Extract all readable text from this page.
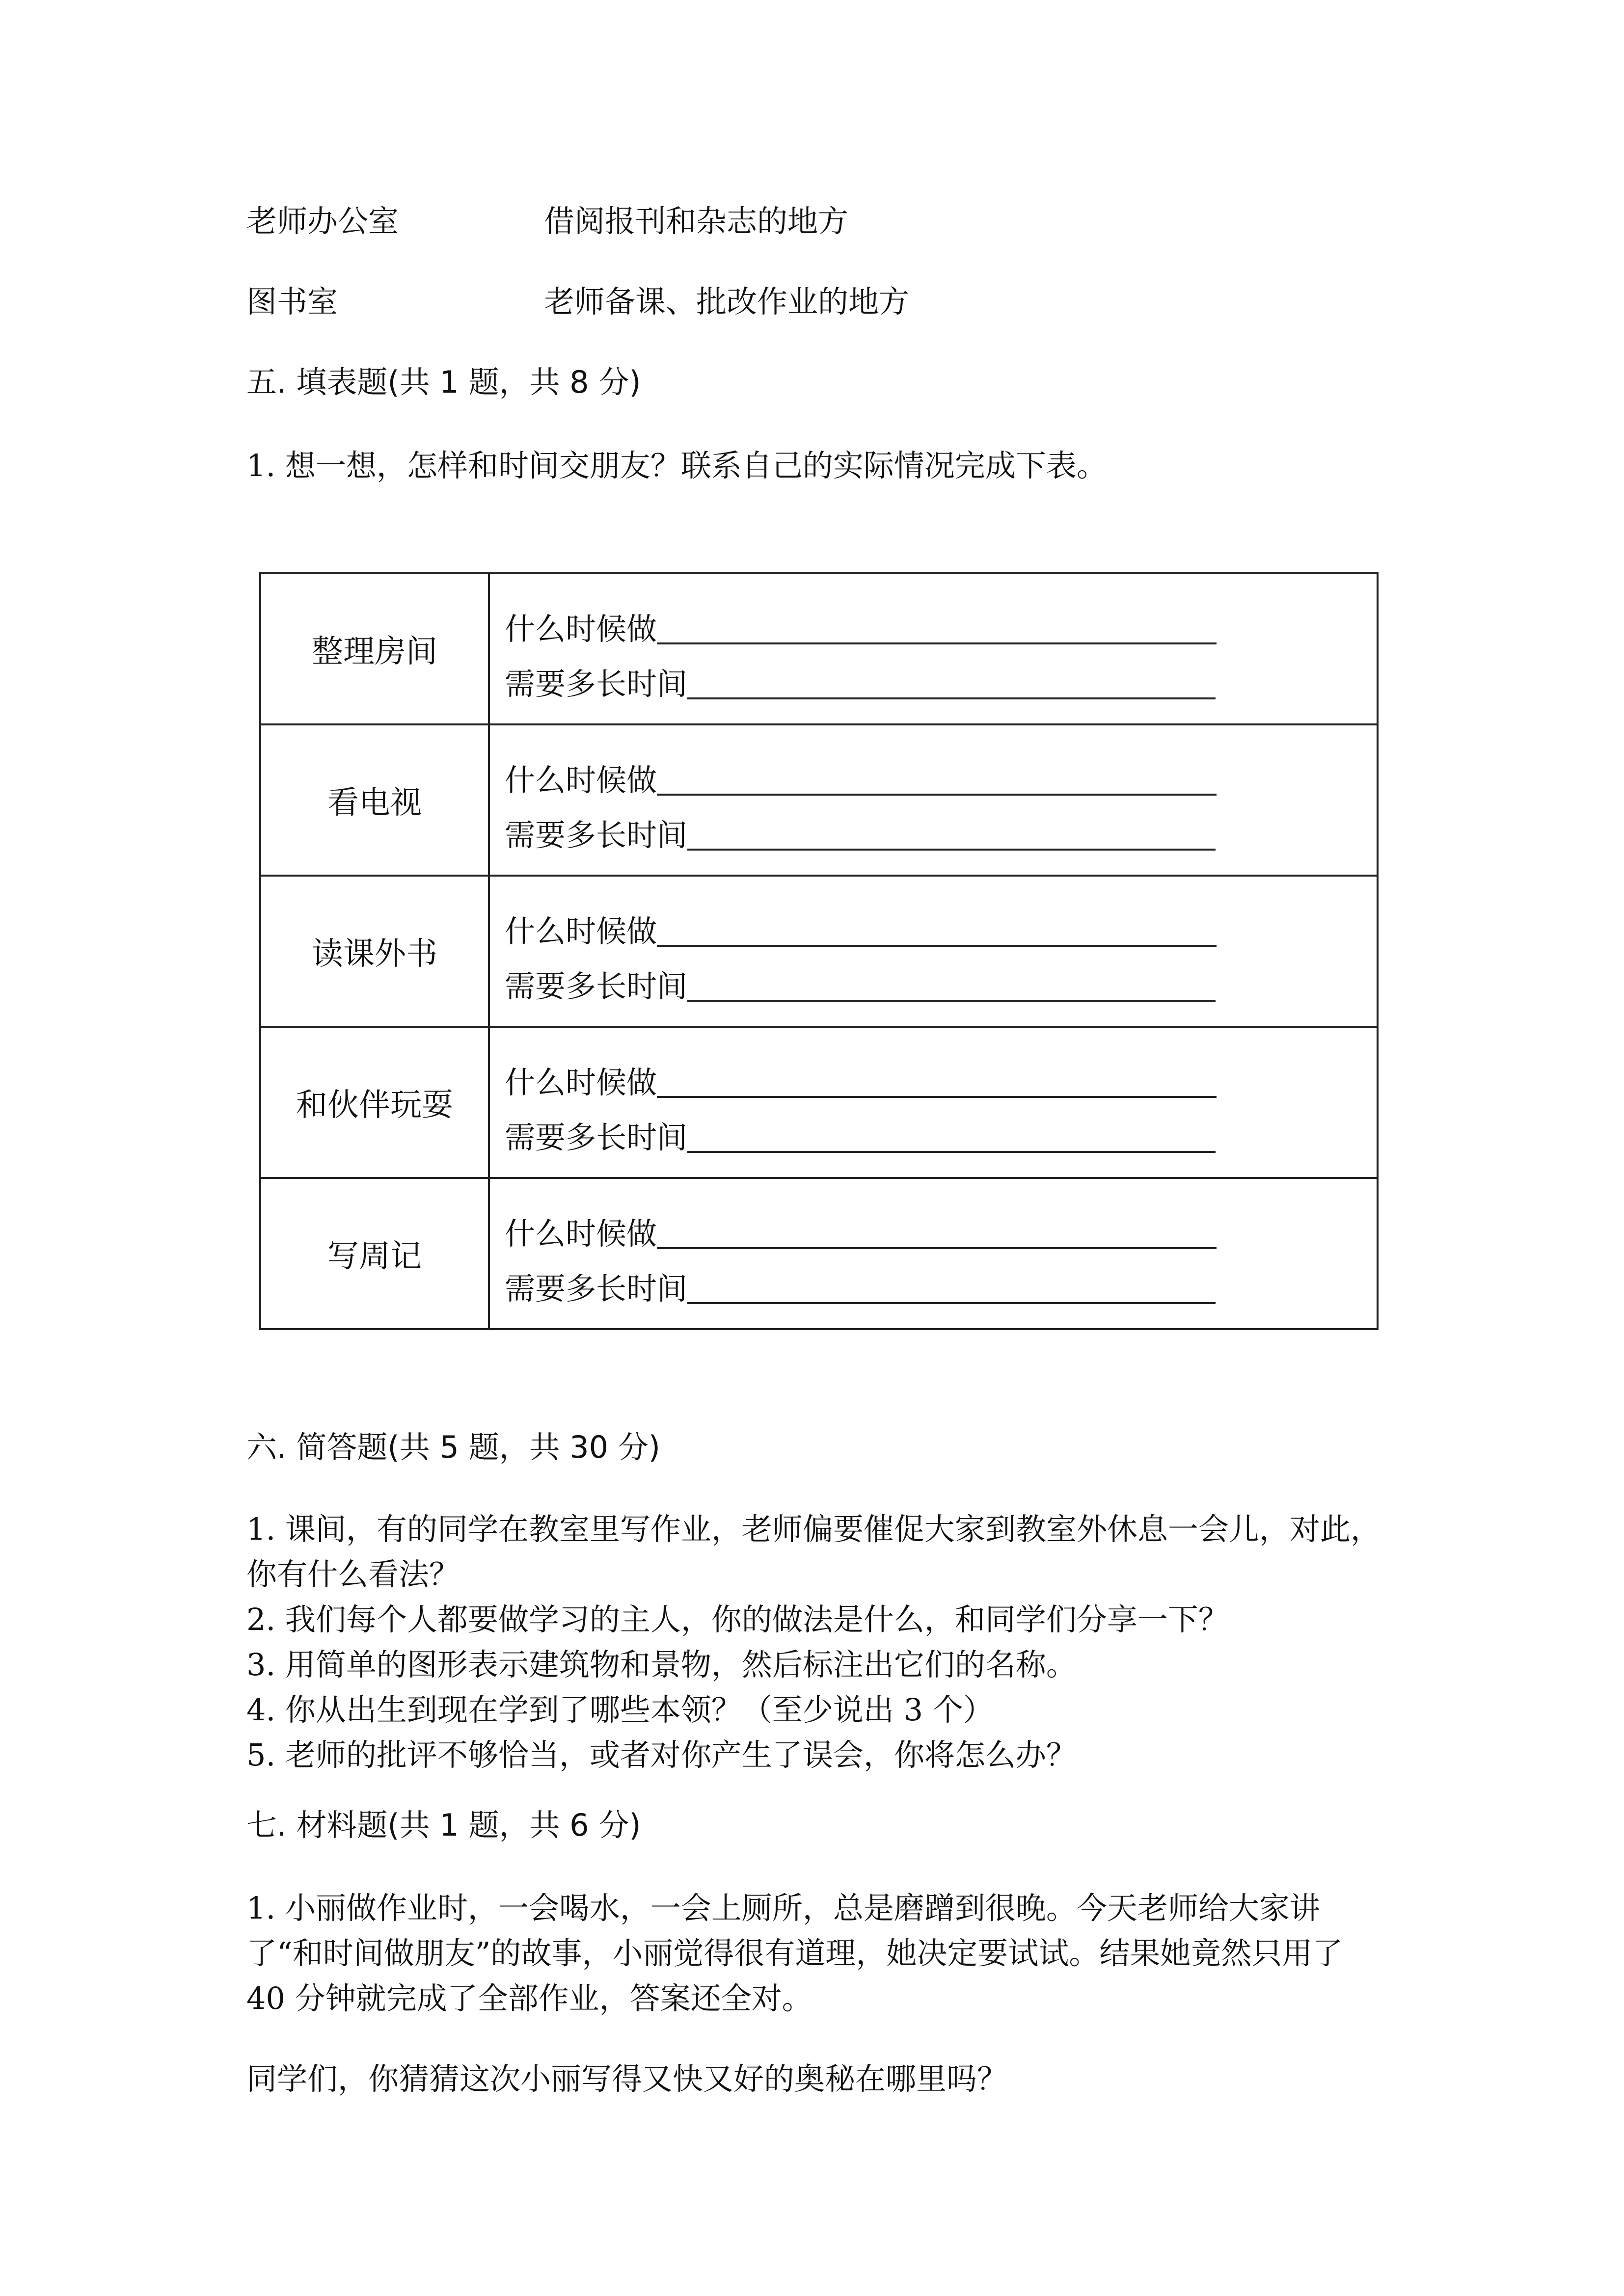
老师办公室	借阅报刊和杂志的地方
图书室	老师备课、批改作业的地方
五. 填表题(共 1 题，共 8 分)
1. 想一想，怎样和时间交朋友？联系自己的实际情况完成下表。
整理房间	什么时候做
需要多长时间

看电视	什么时候做
需要多长时间

读课外书	什么时候做
需要多长时间

和伙伴玩耍	什么时候做
需要多长时间

写周记	什么时候做
需要多长时间
六. 简答题(共 5 题，共 30 分)
1. 课间，有的同学在教室里写作业，老师偏要催促大家到教室外休息一会儿，对此，你有什么看法？
2. 我们每个人都要做学习的主人，你的做法是什么，和同学们分享一下？
3. 用简单的图形表示建筑物和景物，然后标注出它们的名称。
4. 你从出生到现在学到了哪些本领？（至少说出 3 个）
5. 老师的批评不够恰当，或者对你产生了误会，你将怎么办？
七. 材料题(共 1 题，共 6 分)
1. 小丽做作业时，一会喝水，一会上厕所，总是磨蹭到很晚。今天老师给大家讲了“和时间做朋友”的故事，小丽觉得很有道理，她决定要试试。结果她竟然只用了 40 分钟就完成了全部作业，答案还全对。
同学们，你猜猜这次小丽写得又快又好的奥秘在哪里吗？
